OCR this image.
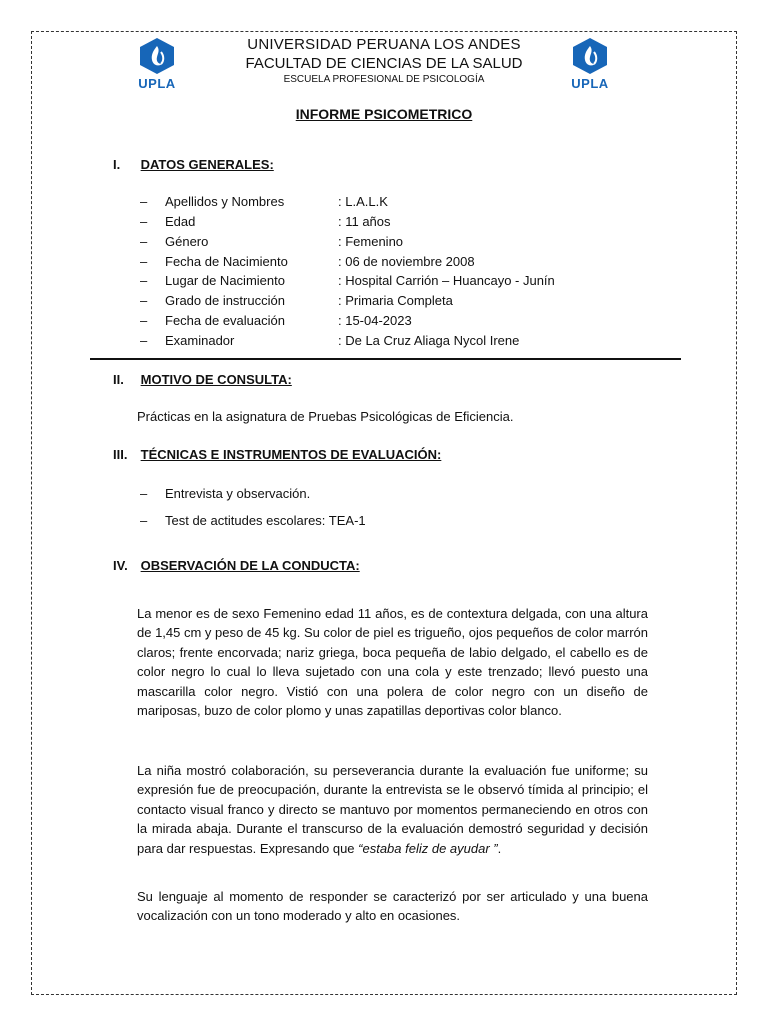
UPLA	UPLA
UNIVERSIDAD PERUANA LOS ANDES
FACULTAD DE CIENCIAS DE LA SALUD
ESCUELA PROFESIONAL DE PSICOLOGÍA
INFORME PSICOMETRICO
I. DATOS GENERALES:
– Apellidos y Nombres	: L.A.L.K
– Edad	: 11 años
– Género	: Femenino
– Fecha de Nacimiento	: 06 de noviembre 2008
– Lugar de Nacimiento	: Hospital Carrión – Huancayo - Junín
– Grado de instrucción	: Primaria Completa
– Fecha de evaluación	: 15-04-2023
– Examinador	: De La Cruz Aliaga Nycol Irene
II. MOTIVO DE CONSULTA:
Prácticas en la asignatura de Pruebas Psicológicas de Eficiencia.
III. TÉCNICAS E INSTRUMENTOS DE EVALUACIÓN:
– Entrevista y observación.
– Test de actitudes escolares: TEA-1
IV. OBSERVACIÓN DE LA CONDUCTA:
La menor es de sexo Femenino edad 11 años, es de contextura delgada, con una altura de 1,45 cm y peso de 45 kg. Su color de piel es trigueño, ojos pequeños de color marrón claros; frente encorvada; nariz griega, boca pequeña de labio delgado, el cabello es de color negro lo cual lo lleva sujetado con una cola y este trenzado; llevó puesto una mascarilla color negro. Vistió con una polera de color negro con un diseño de mariposas, buzo de color plomo y unas zapatillas deportivas color blanco.
La niña mostró colaboración, su perseverancia durante la evaluación fue uniforme; su expresión fue de preocupación, durante la entrevista se le observó tímida al principio; el contacto visual franco y directo se mantuvo por momentos permaneciendo en otros con la mirada abaja. Durante el transcurso de la evaluación demostró seguridad y decisión para dar respuestas. Expresando que “estaba feliz de ayudar ”.
Su lenguaje al momento de responder se caracterizó por ser articulado y una buena vocalización con un tono moderado y alto en ocasiones.
